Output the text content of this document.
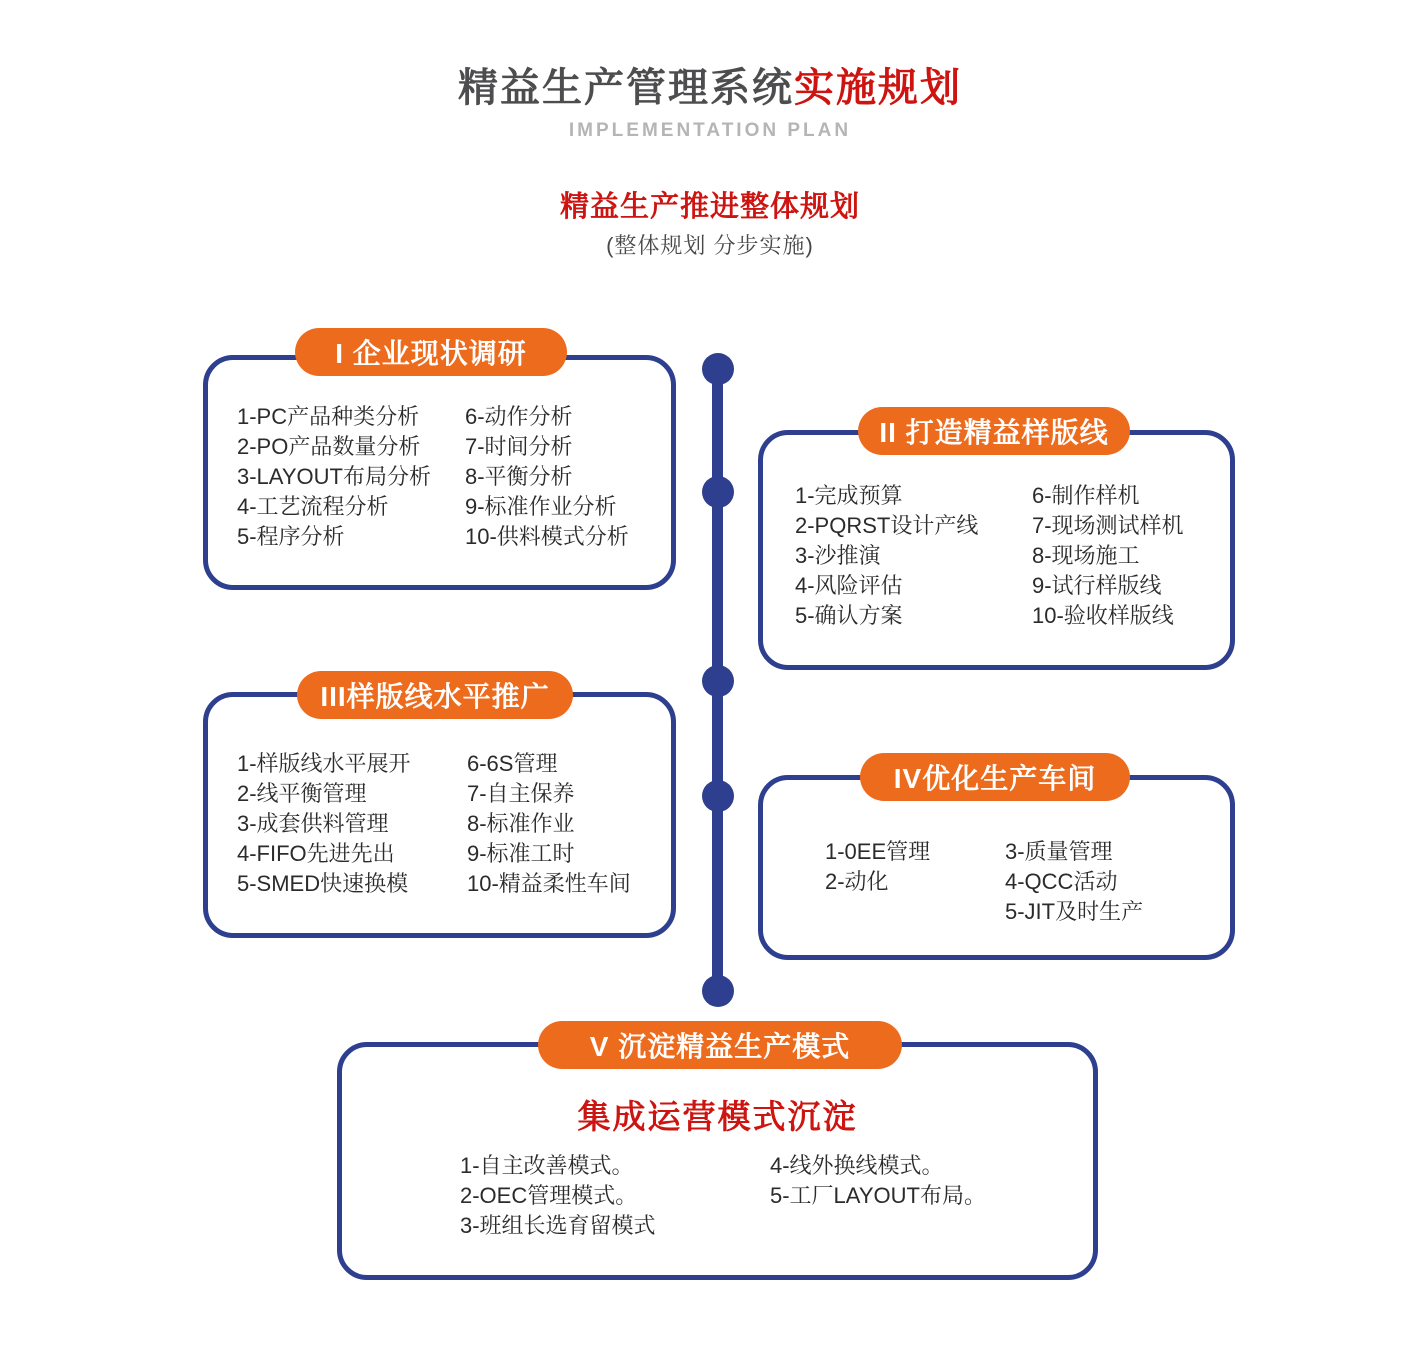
精益生产管理系统实施规划
IMPLEMENTATION PLAN
精益生产推进整体规划
(整体规划 分步实施)
I 企业现状调研
1-PC产品种类分析
2-PO产品数量分析
3-LAYOUT布局分析
4-工艺流程分析
5-程序分析
6-动作分析
7-时间分析
8-平衡分析
9-标准作业分析
10-供料模式分析
II 打造精益样版线
1-完成预算
2-PQRST设计产线
3-沙推演
4-风险评估
5-确认方案
6-制作样机
7-现场测试样机
8-现场施工
9-试行样版线
10-验收样版线
III样版线水平推广
1-样版线水平展开
2-线平衡管理
3-成套供料管理
4-FIFO先进先出
5-SMED快速换模
6-6S管理
7-自主保养
8-标准作业
9-标准工时
10-精益柔性车间
IV优化生产车间
1-0EE管理
2-动化
3-质量管理
4-QCC活动
5-JIT及时生产
V 沉淀精益生产模式
集成运营模式沉淀
1-自主改善模式。
2-OEC管理模式。
3-班组长选育留模式
4-线外换线模式。
5-工厂LAYOUT布局。
